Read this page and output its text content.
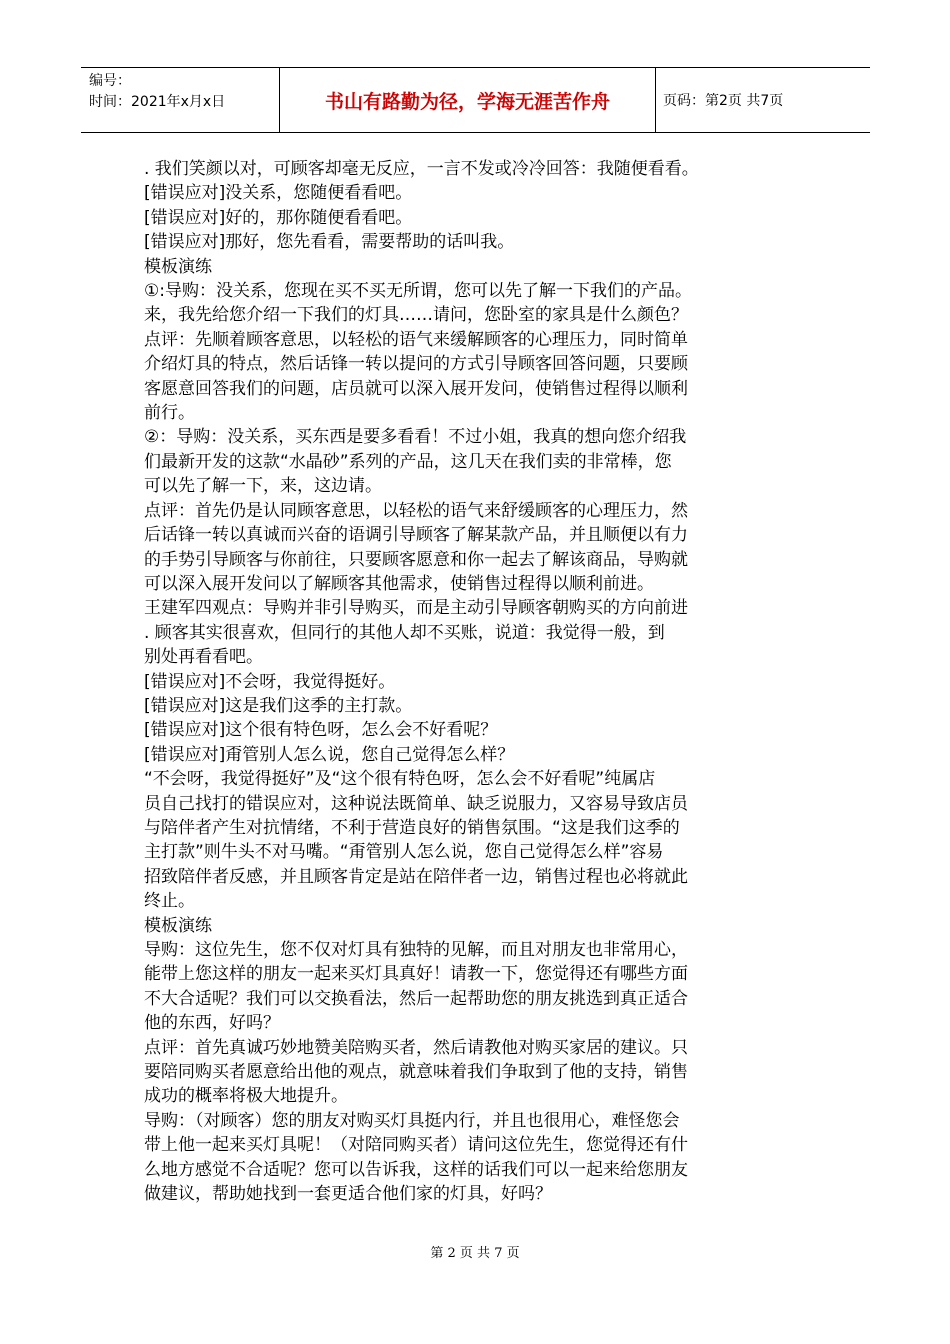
编号：
时间：2021年x月x日	书山有路勤为径，学海无涯苦作舟	页码：第2页 共7页

. 我们笑颜以对，可顾客却毫无反应，一言不发或冷冷回答：我随便看看。

[错误应对]没关系，您随便看看吧。

[错误应对]好的，那你随便看看吧。

[错误应对]那好，您先看看，需要帮助的话叫我。

模板演练

①:导购：没关系，您现在买不买无所谓，您可以先了解一下我们的产品。

来，我先给您介绍一下我们的灯具……请问，您卧室的家具是什么颜色？

点评：先顺着顾客意思，以轻松的语气来缓解顾客的心理压力，同时简单

介绍灯具的特点，然后话锋一转以提问的方式引导顾客回答问题，只要顾

客愿意回答我们的问题，店员就可以深入展开发问，使销售过程得以顺利

前行。

②：导购：没关系，买东西是要多看看！不过小姐，我真的想向您介绍我

们最新开发的这款“水晶砂”系列的产品，这几天在我们卖的非常棒，您

可以先了解一下，来，这边请。

点评：首先仍是认同顾客意思，以轻松的语气来舒缓顾客的心理压力，然

后话锋一转以真诚而兴奋的语调引导顾客了解某款产品，并且顺便以有力

的手势引导顾客与你前往，只要顾客愿意和你一起去了解该商品，导购就

可以深入展开发问以了解顾客其他需求，使销售过程得以顺利前进。

王建军四观点：导购并非引导购买，而是主动引导顾客朝购买的方向前进

. 顾客其实很喜欢，但同行的其他人却不买账，说道：我觉得一般，到

别处再看看吧。

[错误应对]不会呀，我觉得挺好。

[错误应对]这是我们这季的主打款。

[错误应对]这个很有特色呀，怎么会不好看呢？

[错误应对]甭管别人怎么说，您自己觉得怎么样？

“不会呀，我觉得挺好”及“这个很有特色呀，怎么会不好看呢”纯属店

员自己找打的错误应对，这种说法既简单、缺乏说服力，又容易导致店员

与陪伴者产生对抗情绪，不利于营造良好的销售氛围。“这是我们这季的

主打款”则牛头不对马嘴。“甭管别人怎么说，您自己觉得怎么样”容易

招致陪伴者反感，并且顾客肯定是站在陪伴者一边，销售过程也必将就此

终止。

模板演练

导购：这位先生，您不仅对灯具有独特的见解，而且对朋友也非常用心，

能带上您这样的朋友一起来买灯具真好！请教一下，您觉得还有哪些方面

不大合适呢？我们可以交换看法，然后一起帮助您的朋友挑选到真正适合

他的东西，好吗？

点评：首先真诚巧妙地赞美陪购买者，然后请教他对购买家居的建议。只

要陪同购买者愿意给出他的观点，就意味着我们争取到了他的支持，销售

成功的概率将极大地提升。

导购：（对顾客）您的朋友对购买灯具挺内行，并且也很用心，难怪您会

带上他一起来买灯具呢！（对陪同购买者）请问这位先生，您觉得还有什

么地方感觉不合适呢？您可以告诉我，这样的话我们可以一起来给您朋友

做建议，帮助她找到一套更适合他们家的灯具，好吗？

第 2 页 共 7 页
